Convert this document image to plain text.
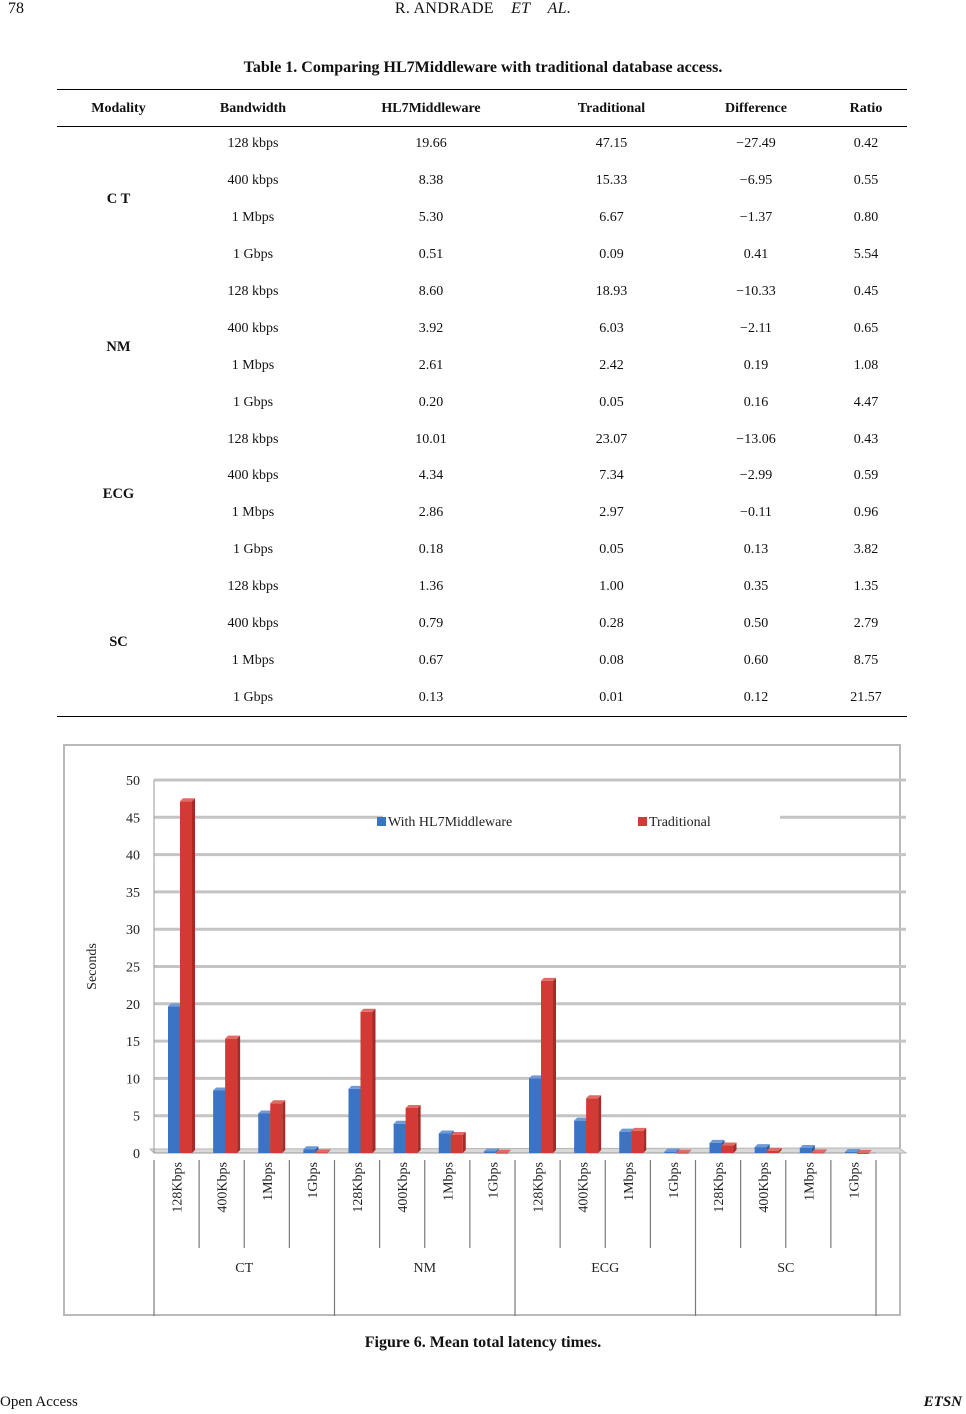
78	R. ANDRADE ET AL.
Table 1. Comparing HL7Middleware with traditional database access.
Modality	Bandwidth	HL7Middleware	Traditional	Difference	Ratio
C T	128 kbps	19.66	47.15	−27.49	0.42
	400 kbps	8.38	15.33	−6.95	0.55
	1 Mbps	5.30	6.67	−1.37	0.80
	1 Gbps	0.51	0.09	0.41	5.54
NM	128 kbps	8.60	18.93	−10.33	0.45
	400 kbps	3.92	6.03	−2.11	0.65
	1 Mbps	2.61	2.42	0.19	1.08
	1 Gbps	0.20	0.05	0.16	4.47
ECG	128 kbps	10.01	23.07	−13.06	0.43
	400 kbps	4.34	7.34	−2.99	0.59
	1 Mbps	2.86	2.97	−0.11	0.96
	1 Gbps	0.18	0.05	0.13	3.82
SC	128 kbps	1.36	1.00	0.35	1.35
	400 kbps	0.79	0.28	0.50	2.79
	1 Mbps	0.67	0.08	0.60	8.75
	1 Gbps	0.13	0.01	0.12	21.57
0
5
10
15
20
25
30
35
40
45
50
Seconds
128Kbps 400Kbps 1Mbps 1Gbps 128Kbps 400Kbps 1Mbps 1Gbps 128Kbps 400Kbps 1Mbps 1Gbps 128Kbps 400Kbps 1Mbps 1Gbps
CT	NM	ECG	SC
With HL7Middleware	Traditional
Figure 6. Mean total latency times.
Open Access	ETSN
